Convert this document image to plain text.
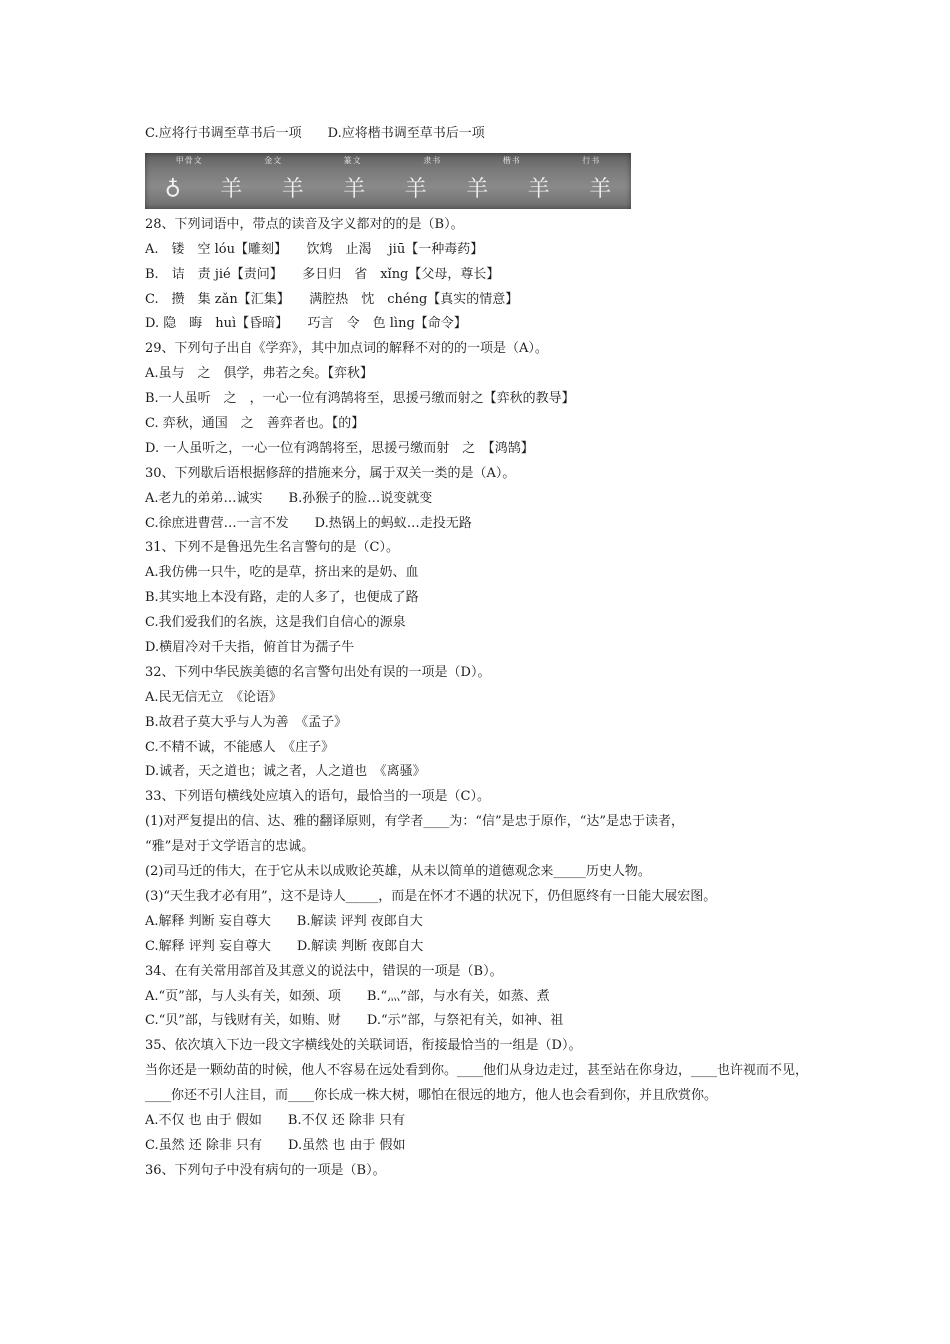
C.应将行书调至草书后一项　　D.应将楷书调至草书后一项
甲骨文	金文	篆文	隶书	楷书	行书
♁ 羊 羊 羊 羊 羊 羊 羊
28、下列词语中，带点的读音及字义都对的的是（B）。
A.　镂　空 lóu【雕刻】　　饮鸩　止渴　 jiū【一种毒药】
B.　诘　责 jié【责问】　　多日归　省　xǐng【父母，尊长】
C.　攒　集 zǎn【汇集】　　满腔热　忱　chéng【真实的情意】
D. 隐　晦　huì【昏暗】　　巧言　令　色 lìng【命令】
29、下列句子出自《学弈》，其中加点词的解释不对的的一项是（A）。
A.虽与　之　俱学，弗若之矣。【弈秋】
B.一人虽听　之　，一心一位有鸿鹄将至，思援弓缴而射之【弈秋的教导】
C. 弈秋，通国　之　善弈者也。【的】
D. 一人虽听之，一心一位有鸿鹄将至，思援弓缴而射　之　【鸿鹄】
30、下列歇后语根据修辞的措施来分，属于双关一类的是（A）。
A.老九的弟弟…诚实　　B.孙猴子的脸…说变就变
C.徐庶进曹营…一言不发　　D.热锅上的蚂蚁…走投无路
31、下列不是鲁迅先生名言警句的是（C）。
A.我仿佛一只牛，吃的是草，挤出来的是奶、血
B.其实地上本没有路，走的人多了，也便成了路
C.我们爱我们的名族，这是我们自信心的源泉
D.横眉冷对千夫指，俯首甘为孺子牛
32、下列中华民族美德的名言警句出处有误的一项是（D）。
A.民无信无立　《论语》
B.故君子莫大乎与人为善　《孟子》
C.不精不诚，不能感人　《庄子》
D.诚者，天之道也；诚之者，人之道也　《离骚》
33、下列语句横线处应填入的语句，最恰当的一项是（C）。
(1)对严复提出的信、达、雅的翻译原则，有学者____为：“信”是忠于原作，“达”是忠于读者，
“雅”是对于文学语言的忠诚。
(2)司马迁的伟大，在于它从未以成败论英雄，从未以简单的道德观念来_____历史人物。
(3)“天生我才必有用”，这不是诗人_____，而是在怀才不遇的状况下，仍但愿终有一日能大展宏图。
A.解释 判断 妄自尊大　　B.解读 评判 夜郎自大
C.解释 评判 妄自尊大　　D.解读 判断 夜郎自大
34、在有关常用部首及其意义的说法中，错误的一项是（B）。
A.“页”部，与人头有关，如颈、项　　B.“灬”部，与水有关，如蒸、煮
C.“贝”部，与钱财有关，如贿、财　　D.“示”部，与祭祀有关，如神、祖
35、依次填入下边一段文字横线处的关联词语，衔接最恰当的一组是（D）。
当你还是一颗幼苗的时候，他人不容易在远处看到你。____他们从身边走过，甚至站在你身边，____也许视而不见，____你还不引人注目，而____你长成一株大树，哪怕在很远的地方，他人也会看到你，并且欣赏你。
A.不仅 也 由于 假如　　B.不仅 还 除非 只有
C.虽然 还 除非 只有　　D.虽然 也 由于 假如
36、下列句子中没有病句的一项是（B）。
